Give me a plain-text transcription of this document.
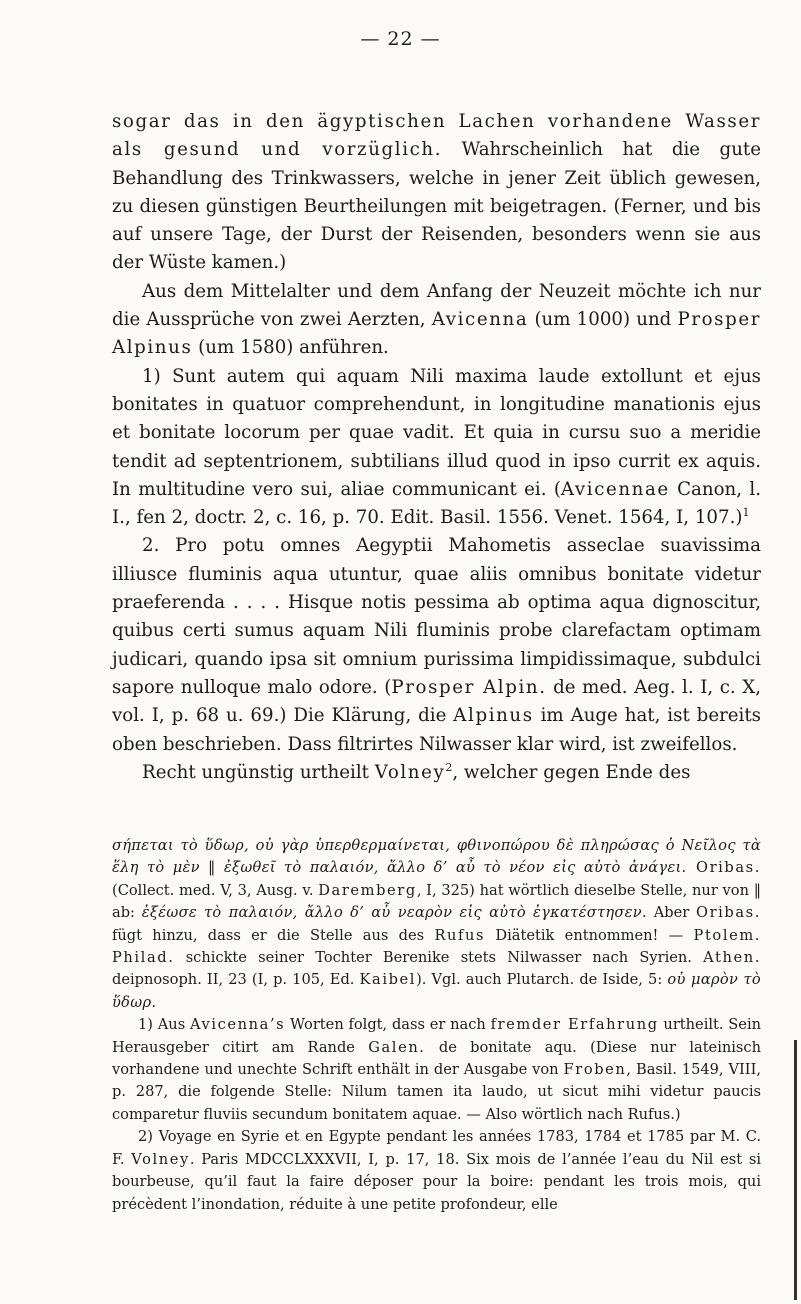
— 22 —

sogar das in den ägyptischen Lachen vorhandene Wasser als gesund und vorzüglich. Wahrscheinlich hat die gute Behandlung des Trinkwassers, welche in jener Zeit üblich gewesen, zu diesen günstigen Beurtheilungen mit beigetragen. (Ferner, und bis auf unsere Tage, der Durst der Reisenden, besonders wenn sie aus der Wüste kamen.)

Aus dem Mittelalter und dem Anfang der Neuzeit möchte ich nur die Aussprüche von zwei Aerzten, Avicenna (um 1000) und Prosper Alpinus (um 1580) anführen.

1) Sunt autem qui aquam Nili maxima laude extollunt et ejus bonitates in quatuor comprehendunt, in longitudine manationis ejus et bonitate locorum per quae vadit. Et quia in cursu suo a meridie tendit ad septentrionem, subtilians illud quod in ipso currit ex aquis. In multitudine vero sui, aliae communicant ei. (Avicennae Canon, l. I., fen 2, doctr. 2, c. 16, p. 70. Edit. Basil. 1556. Venet. 1564, I, 107.)$^1$

2. Pro potu omnes Aegyptii Mahometis asseclae suavissima illiusce fluminis aqua utuntur, quae aliis omnibus bonitate videtur praeferenda . . . . Hisque notis pessima ab optima aqua dignoscitur, quibus certi sumus aquam Nili fluminis probe clarefactam optimam judicari, quando ipsa sit omnium purissima limpidissimaque, subdulci sapore nulloque malo odore. (Prosper Alpin. de med. Aeg. l. I, c. X, vol. I, p. 68 u. 69.) Die Klärung, die Alpinus im Auge hat, ist bereits oben beschrieben. Dass filtrirtes Nilwasser klar wird, ist zweifellos.

Recht ungünstig urtheilt Volney$^2$, welcher gegen Ende des

σήπεται τὸ ὕδωρ, οὐ γὰρ ὑπερθερμαίνεται, φθινοπώρου δὲ πληρώσας ὁ Νεῖλος τὰ ἕλη τὸ μὲν ‖ ἐξωθεῖ τὸ παλαιόν, ἄλλο δ’ αὖ τὸ νέον εἰς αὐτὸ ἀνάγει. Oribas. (Collect. med. V, 3, Ausg. v. Daremberg, I, 325) hat wörtlich dieselbe Stelle, nur von ‖ ab: ἐξέωσε τὸ παλαιόν, ἄλλο δ’ αὖ νεαρὸν εἰς αὐτὸ ἐγκατέστησεν. Aber Oribas. fügt hinzu, dass er die Stelle aus des Rufus Diätetik entnommen! — Ptolem. Philad. schickte seiner Tochter Berenike stets Nilwasser nach Syrien. Athen. deipnosoph. II, 23 (I, p. 105, Ed. Kaibel). Vgl. auch Plutarch. de Iside, 5: οὐ μαρὸν τὸ ὕδωρ.

1) Aus Avicenna’s Worten folgt, dass er nach fremder Erfahrung urtheilt. Sein Herausgeber citirt am Rande Galen. de bonitate aqu. (Diese nur lateinisch vorhandene und unechte Schrift enthält in der Ausgabe von Froben, Basil. 1549, VIII, p. 287, die folgende Stelle: Nilum tamen ita laudo, ut sicut mihi videtur paucis comparetur fluviis secundum bonitatem aquae. — Also wörtlich nach Rufus.)

2) Voyage en Syrie et en Egypte pendant les années 1783, 1784 et 1785 par M. C. F. Volney. Paris MDCCLXXXVII, I, p. 17, 18. Six mois de l’année l’eau du Nil est si bourbeuse, qu’il faut la faire déposer pour la boire: pendant les trois mois, qui précèdent l’inondation, réduite à une petite profondeur, elle
